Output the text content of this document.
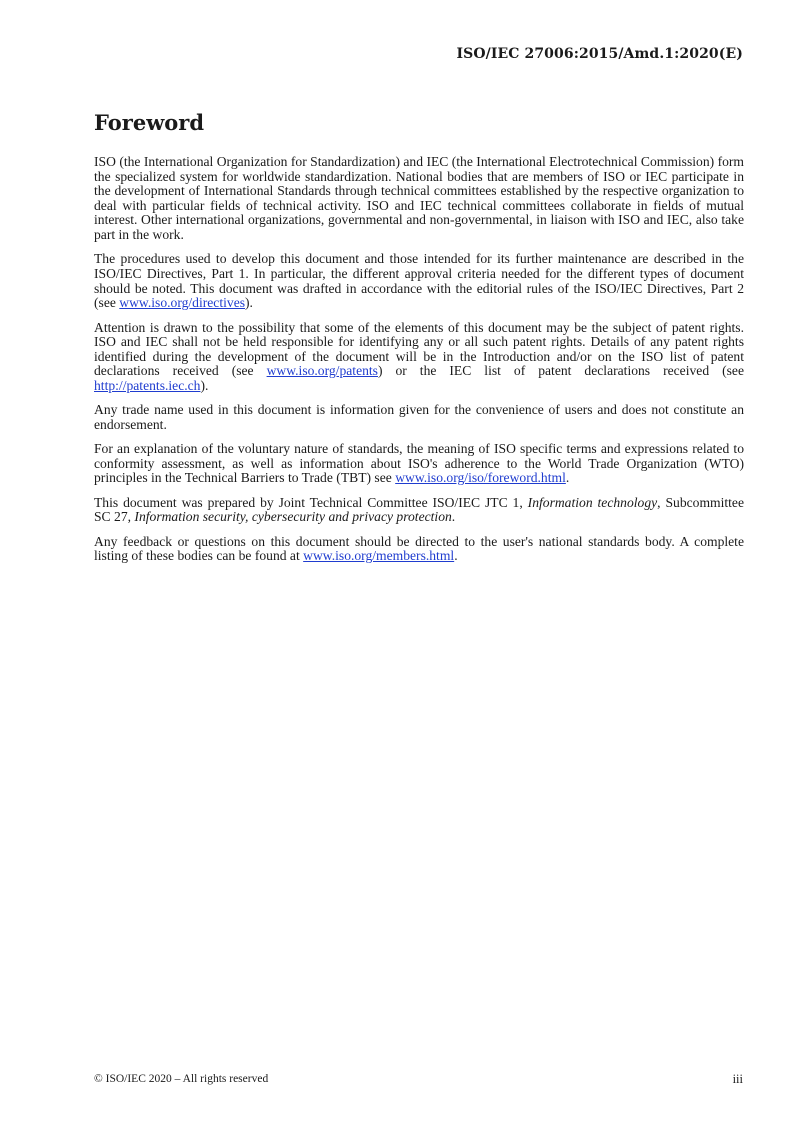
ISO/IEC 27006:2015/Amd.1:2020(E)
Foreword

ISO (the International Organization for Standardization) and IEC (the International Electrotechnical Commission) form the specialized system for worldwide standardization. National bodies that are members of ISO or IEC participate in the development of International Standards through technical committees established by the respective organization to deal with particular fields of technical activity. ISO and IEC technical committees collaborate in fields of mutual interest. Other international organizations, governmental and non-governmental, in liaison with ISO and IEC, also take part in the work.

The procedures used to develop this document and those intended for its further maintenance are described in the ISO/IEC Directives, Part 1. In particular, the different approval criteria needed for the different types of document should be noted. This document was drafted in accordance with the editorial rules of the ISO/IEC Directives, Part 2 (see www.iso.org/directives).

Attention is drawn to the possibility that some of the elements of this document may be the subject of patent rights. ISO and IEC shall not be held responsible for identifying any or all such patent rights. Details of any patent rights identified during the development of the document will be in the Introduction and/or on the ISO list of patent declarations received (see www.iso.org/patents) or the IEC list of patent declarations received (see http://patents.iec.ch).

Any trade name used in this document is information given for the convenience of users and does not constitute an endorsement.

For an explanation of the voluntary nature of standards, the meaning of ISO specific terms and expressions related to conformity assessment, as well as information about ISO's adherence to the World Trade Organization (WTO) principles in the Technical Barriers to Trade (TBT) see www.iso.org/iso/foreword.html.

This document was prepared by Joint Technical Committee ISO/IEC JTC 1, Information technology, Subcommittee SC 27, Information security, cybersecurity and privacy protection.

Any feedback or questions on this document should be directed to the user's national standards body. A complete listing of these bodies can be found at www.iso.org/members.html.

© ISO/IEC 2020 – All rights reserved	iii
